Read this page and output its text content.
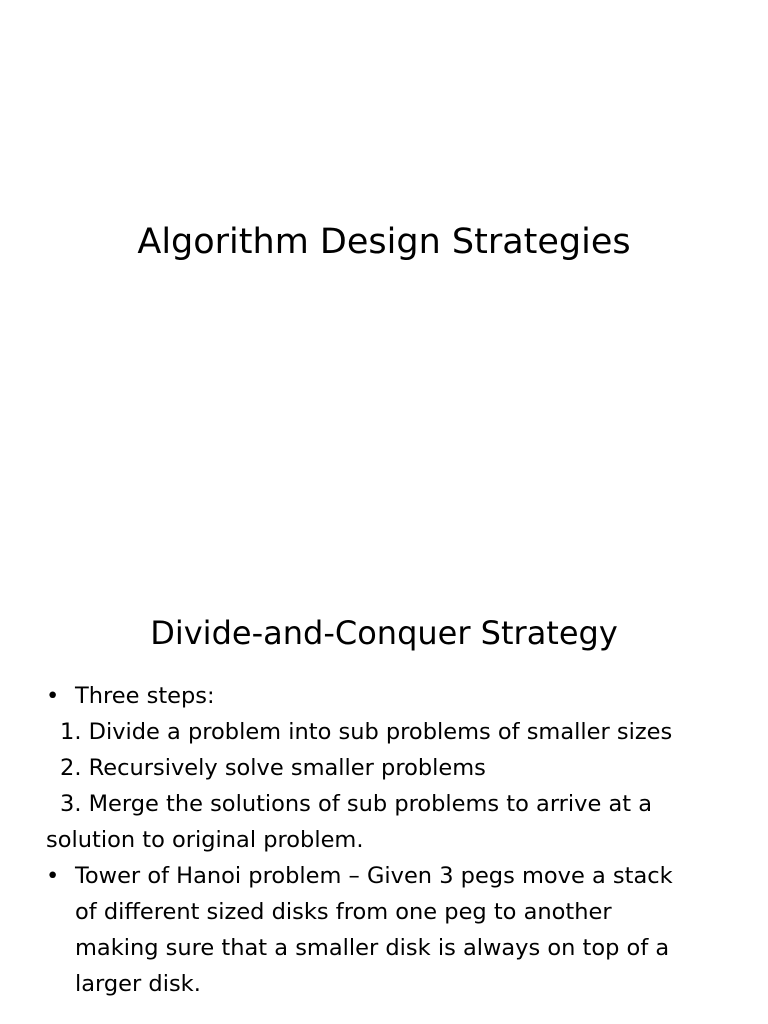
Algorithm Design Strategies
Divide-and-Conquer Strategy
• Three steps:
1. Divide a problem into sub problems of smaller sizes
2. Recursively solve smaller problems
3. Merge the solutions of sub problems to arrive at a
solution to original problem.
• Tower of Hanoi problem – Given 3 pegs move a stack
of different sized disks from one peg to another
making sure that a smaller disk is always on top of a
larger disk.
